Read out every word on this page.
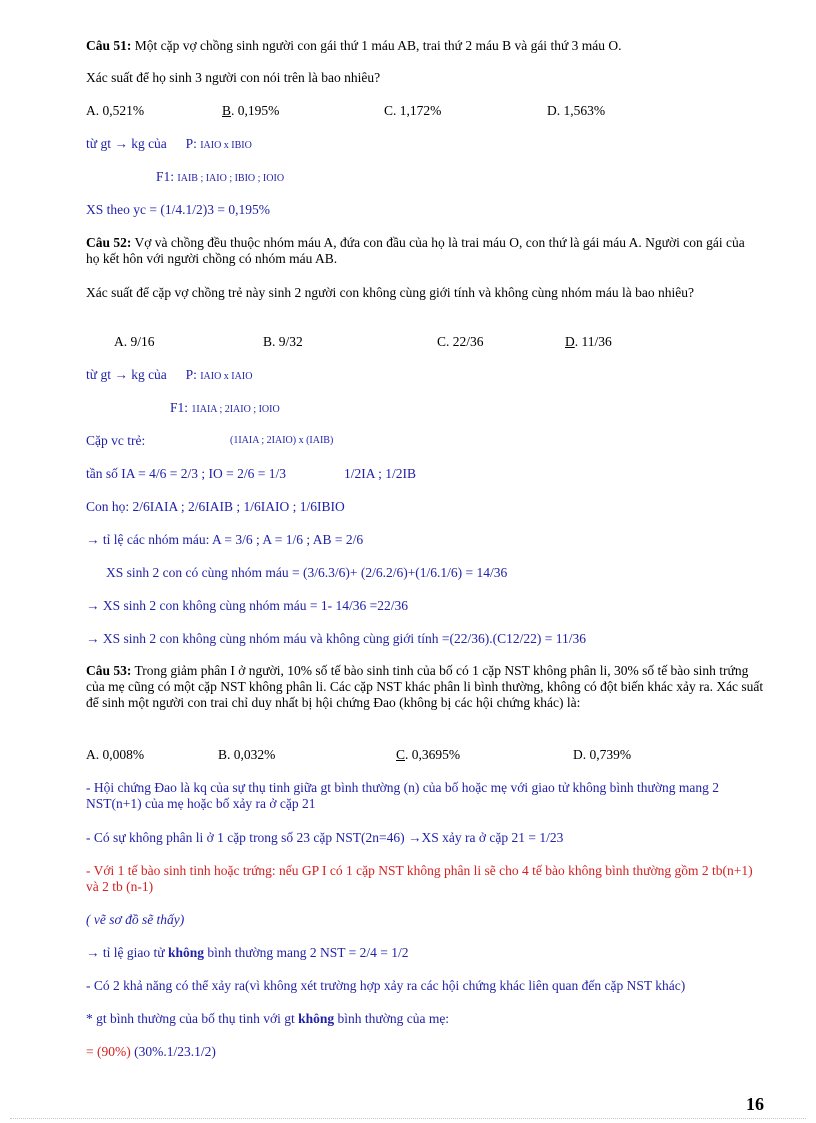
Câu 51: Một cặp vợ chồng sinh người con gái thứ 1 máu AB, trai thứ 2 máu B và gái thứ 3 máu O.
Xác suất để họ sinh 3 người con nói trên là bao nhiêu?
A. 0,521%	B. 0,195%	C. 1,172%	D. 1,563%
từ gt → kg của P: IAIO x IBIO
F1: IAIB ; IAIO ; IBIO ; IOIO
XS theo yc = (1/4.1/2)3 = 0,195%
Câu 52: Vợ và chồng đều thuộc nhóm máu A, đứa con đầu của họ là trai máu O, con thứ là gái máu A. Người con gái của họ kết hôn với người chồng có nhóm máu AB.
Xác suất để cặp vợ chồng trẻ này sinh 2 người con không cùng giới tính và không cùng nhóm máu là bao nhiêu?
A. 9/16	B. 9/32	C. 22/36	D. 11/36
từ gt → kg của P: IAIO x IAIO
F1: 1IAIA ; 2IAIO ; IOIO
Cặp vc trẻ:	(1IAIA ; 2IAIO) x (IAIB)
tần số IA = 4/6 = 2/3 ; IO = 2/6 = 1/3	1/2IA ; 1/2IB
Con họ: 2/6IAIA ; 2/6IAIB ; 1/6IAIO ; 1/6IBIO
→ tỉ lệ các nhóm máu: A = 3/6 ; A = 1/6 ; AB = 2/6
XS sinh 2 con có cùng nhóm máu = (3/6.3/6)+ (2/6.2/6)+(1/6.1/6) = 14/36
→ XS sinh 2 con không cùng nhóm máu = 1- 14/36 =22/36
→ XS sinh 2 con không cùng nhóm máu và không cùng giới tính =(22/36).(C12/22) = 11/36
Câu 53: Trong giảm phân I ở người, 10% số tế bào sinh tinh của bố có 1 cặp NST không phân li, 30% số tế bào sinh trứng của mẹ cũng có một cặp NST không phân li. Các cặp NST khác phân li bình thường, không có đột biến khác xảy ra. Xác suất để sinh một người con trai chỉ duy nhất bị hội chứng Đao (không bị các hội chứng khác) là:
A. 0,008%	B. 0,032%	C. 0,3695%	D. 0,739%
- Hội chứng Đao là kq của sự thụ tinh giữa gt bình thường (n) của bố hoặc mẹ với giao tử không bình thường mang 2 NST(n+1) của mẹ hoặc bố xảy ra ở cặp 21
- Có sự không phân li ở 1 cặp trong số 23 cặp NST(2n=46) →XS xảy ra ở cặp 21 = 1/23
- Với 1 tế bào sinh tinh hoặc trứng: nếu GP I có 1 cặp NST không phân li sẽ cho 4 tế bào không bình thường gồm 2 tb(n+1) và 2 tb (n-1)
( vẽ sơ đồ sẽ thấy)
→ tỉ lệ giao tử không bình thường mang 2 NST = 2/4 = 1/2
- Có 2 khả năng có thể xảy ra(vì không xét trường hợp xảy ra các hội chứng khác liên quan đến cặp NST khác)
* gt bình thường của bố thụ tinh với gt không bình thường của mẹ:
= (90%) (30%.1/23.1/2)
16
